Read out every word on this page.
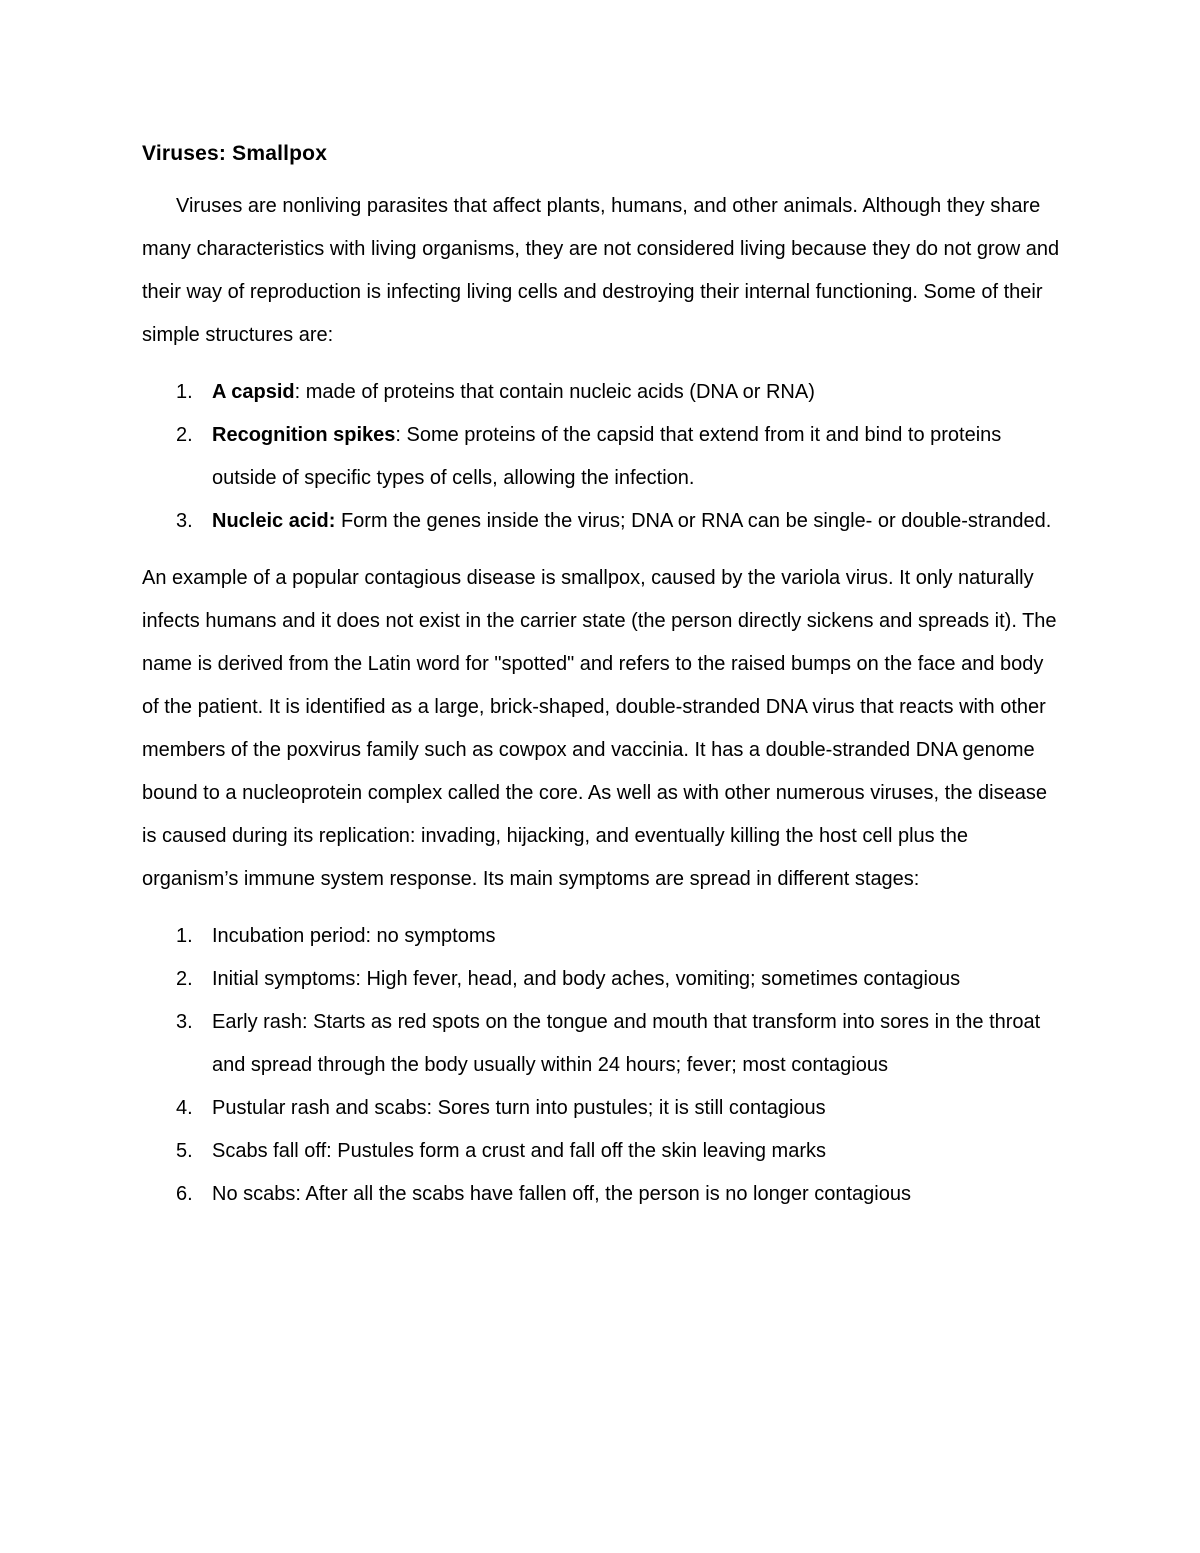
Viruses: Smallpox

Viruses are nonliving parasites that affect plants, humans, and other animals. Although they share many characteristics with living organisms, they are not considered living because they do not grow and their way of reproduction is infecting living cells and destroying their internal functioning. Some of their simple structures are:

1. A capsid: made of proteins that contain nucleic acids (DNA or RNA)
2. Recognition spikes: Some proteins of the capsid that extend from it and bind to proteins outside of specific types of cells, allowing the infection.
3. Nucleic acid: Form the genes inside the virus; DNA or RNA can be single- or double-stranded.

An example of a popular contagious disease is smallpox, caused by the variola virus. It only naturally infects humans and it does not exist in the carrier state (the person directly sickens and spreads it). The name is derived from the Latin word for "spotted" and refers to the raised bumps on the face and body of the patient. It is identified as a large, brick-shaped, double-stranded DNA virus that reacts with other members of the poxvirus family such as cowpox and vaccinia. It has a double-stranded DNA genome bound to a nucleoprotein complex called the core. As well as with other numerous viruses, the disease is caused during its replication: invading, hijacking, and eventually killing the host cell plus the organism’s immune system response. Its main symptoms are spread in different stages:

1. Incubation period: no symptoms
2. Initial symptoms: High fever, head, and body aches, vomiting; sometimes contagious
3. Early rash: Starts as red spots on the tongue and mouth that transform into sores in the throat and spread through the body usually within 24 hours; fever; most contagious
4. Pustular rash and scabs: Sores turn into pustules; it is still contagious
5. Scabs fall off: Pustules form a crust and fall off the skin leaving marks
6. No scabs: After all the scabs have fallen off, the person is no longer contagious
